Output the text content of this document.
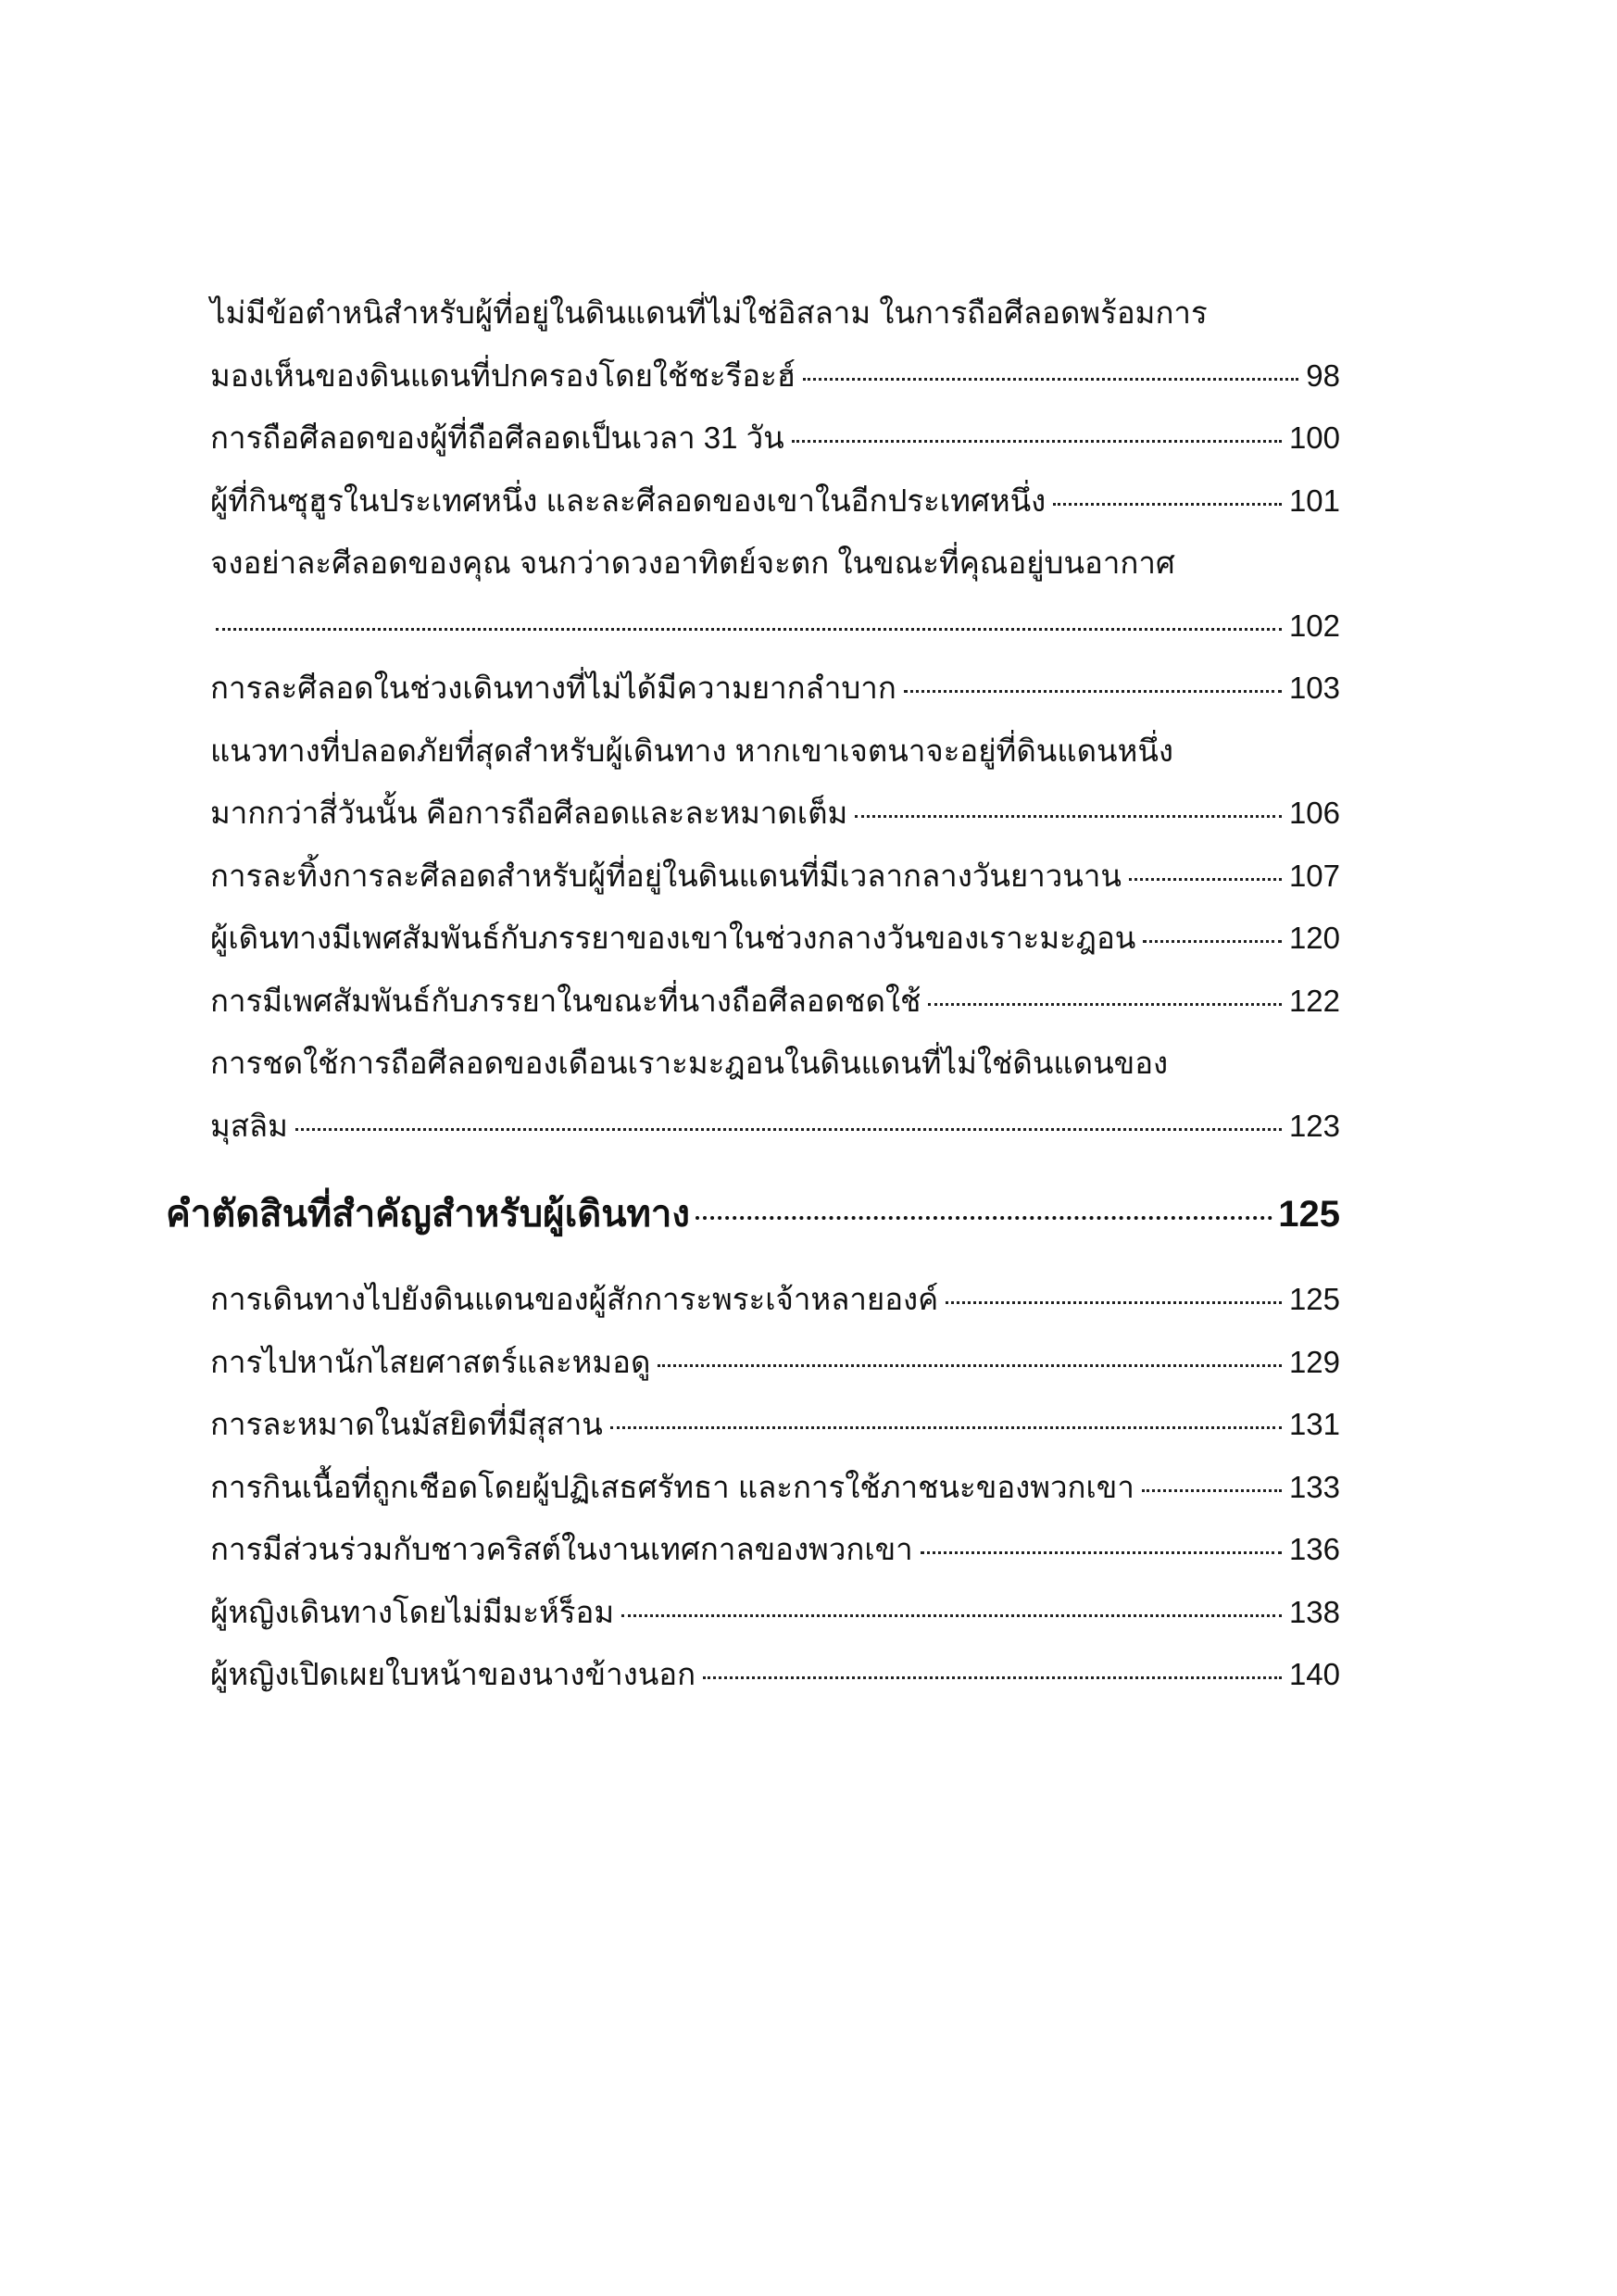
ไม่มีข้อตำหนิสำหรับผู้ที่อยู่ในดินแดนที่ไม่ใช่อิสลาม ในการถือศีลอดพร้อมการ
มองเห็นของดินแดนที่ปกครองโดยใช้ชะรีอะฮ์	98
การถือศีลอดของผู้ที่ถือศีลอดเป็นเวลา 31 วัน	100
ผู้ที่กินซุฮูรในประเทศหนึ่ง และละศีลอดของเขาในอีกประเทศหนึ่ง	101
จงอย่าละศีลอดของคุณ จนกว่าดวงอาทิตย์จะตก ในขณะที่คุณอยู่บนอากาศ
102
การละศีลอดในช่วงเดินทางที่ไม่ได้มีความยากลำบาก	103
แนวทางที่ปลอดภัยที่สุดสำหรับผู้เดินทาง หากเขาเจตนาจะอยู่ที่ดินแดนหนึ่ง
มากกว่าสี่วันนั้น คือการถือศีลอดและละหมาดเต็ม	106
การละทิ้งการละศีลอดสำหรับผู้ที่อยู่ในดินแดนที่มีเวลากลางวันยาวนาน	107
ผู้เดินทางมีเพศสัมพันธ์กับภรรยาของเขาในช่วงกลางวันของเราะมะฎอน	120
การมีเพศสัมพันธ์กับภรรยาในขณะที่นางถือศีลอดชดใช้	122
การชดใช้การถือศีลอดของเดือนเราะมะฎอนในดินแดนที่ไม่ใช่ดินแดนของ
มุสลิม	123
คำตัดสินที่สำคัญสำหรับผู้เดินทาง	125
การเดินทางไปยังดินแดนของผู้สักการะพระเจ้าหลายองค์	125
การไปหานักไสยศาสตร์และหมอดู	129
การละหมาดในมัสยิดที่มีสุสาน	131
การกินเนื้อที่ถูกเชือดโดยผู้ปฏิเสธศรัทธา และการใช้ภาชนะของพวกเขา	133
การมีส่วนร่วมกับชาวคริสต์ในงานเทศกาลของพวกเขา	136
ผู้หญิงเดินทางโดยไม่มีมะห์ร็อม	138
ผู้หญิงเปิดเผยใบหน้าของนางข้างนอก	140
